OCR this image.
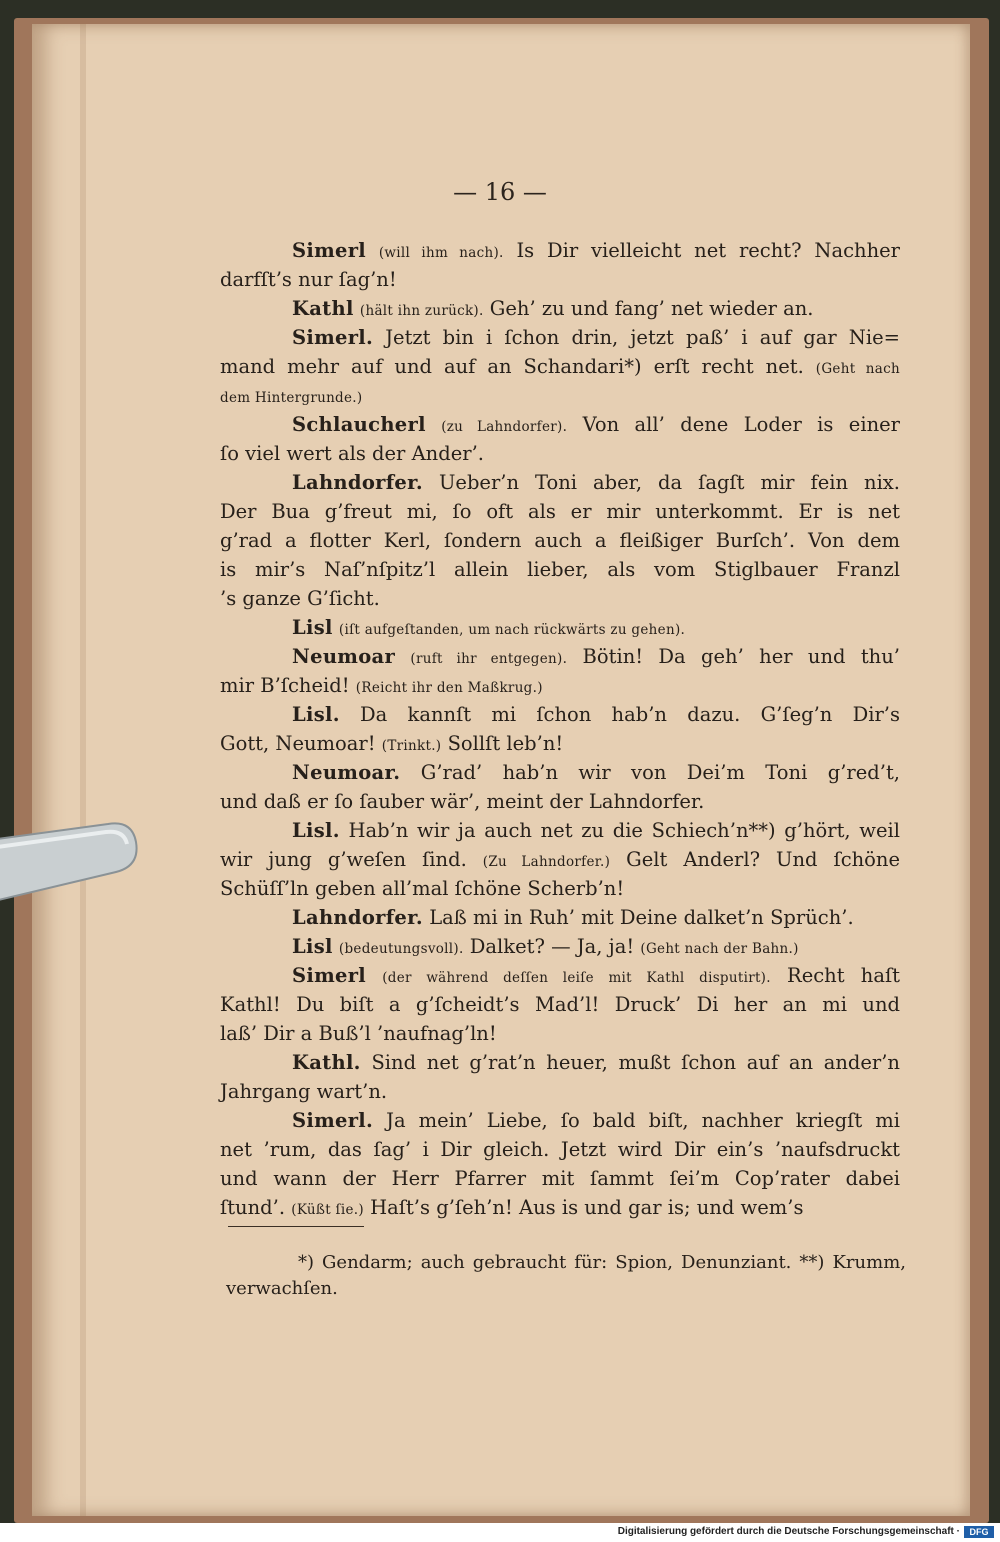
— 16 —
Simerl (will ihm nach). Is Dir vielleicht net recht? Nachher
darfſt’s nur ſag’n!
Kathl (hält ihn zurück). Geh’ zu und fang’ net wieder an.
Simerl. Jetzt bin i ſchon drin, jetzt paß’ i auf gar Nie=
mand mehr auf und auf an Schandari*) erſt recht net. (Geht nach
dem Hintergrunde.)
Schlaucherl (zu Lahndorfer). Von all’ dene Loder is einer
ſo viel wert als der Ander’.
Lahndorfer. Ueber’n Toni aber, da ſagſt mir fein nix.
Der Bua g’freut mi, ſo oft als er mir unterkommt. Er is net
g’rad a flotter Kerl, ſondern auch a fleißiger Burſch’. Von dem
is mir’s Naſ’nſpitz’l allein lieber, als vom Stiglbauer Franzl
’s ganze G’ſicht.
Lisl (iſt aufgeſtanden, um nach rückwärts zu gehen).
Neumoar (ruft ihr entgegen). Bötin! Da geh’ her und thu’
mir B’ſcheid! (Reicht ihr den Maßkrug.)
Lisl. Da kannſt mi ſchon hab’n dazu. G’ſeg’n Dir’s
Gott, Neumoar! (Trinkt.) Sollſt leb’n!
Neumoar. G’rad’ hab’n wir von Dei’m Toni g’red’t,
und daß er ſo ſauber wär’, meint der Lahndorfer.
Lisl. Hab’n wir ja auch net zu die Schiech’n**) g’hört, weil
wir jung g’weſen ſind. (Zu Lahndorfer.) Gelt Anderl? Und ſchöne
Schüſſ’ln geben all’mal ſchöne Scherb’n!
Lahndorfer. Laß mi in Ruh’ mit Deine dalket’n Sprüch’.
Lisl (bedeutungsvoll). Dalket? — Ja, ja! (Geht nach der Bahn.)
Simerl (der während deſſen leiſe mit Kathl disputirt). Recht haſt
Kathl! Du biſt a g’ſcheidt’s Mad’l! Druck’ Di her an mi und
laß’ Dir a Buß’l ’naufnag’ln!
Kathl. Sind net g’rat’n heuer, mußt ſchon auf an ander’n
Jahrgang wart’n.
Simerl. Ja mein’ Liebe, ſo bald biſt, nachher kriegſt mi
net ’rum, das ſag’ i Dir gleich. Jetzt wird Dir ein’s ’naufsdruckt
und wann der Herr Pfarrer mit ſammt ſei’m Cop’rater dabei
ſtund’. (Küßt ſie.) Haſt’s g’ſeh’n! Aus is und gar is; und wem’s
*) Gendarm; auch gebraucht für: Spion, Denunziant. **) Krumm,
verwachſen.
Digitalisierung gefördert durch die Deutsche Forschungsgemeinschaft ·	DFG
